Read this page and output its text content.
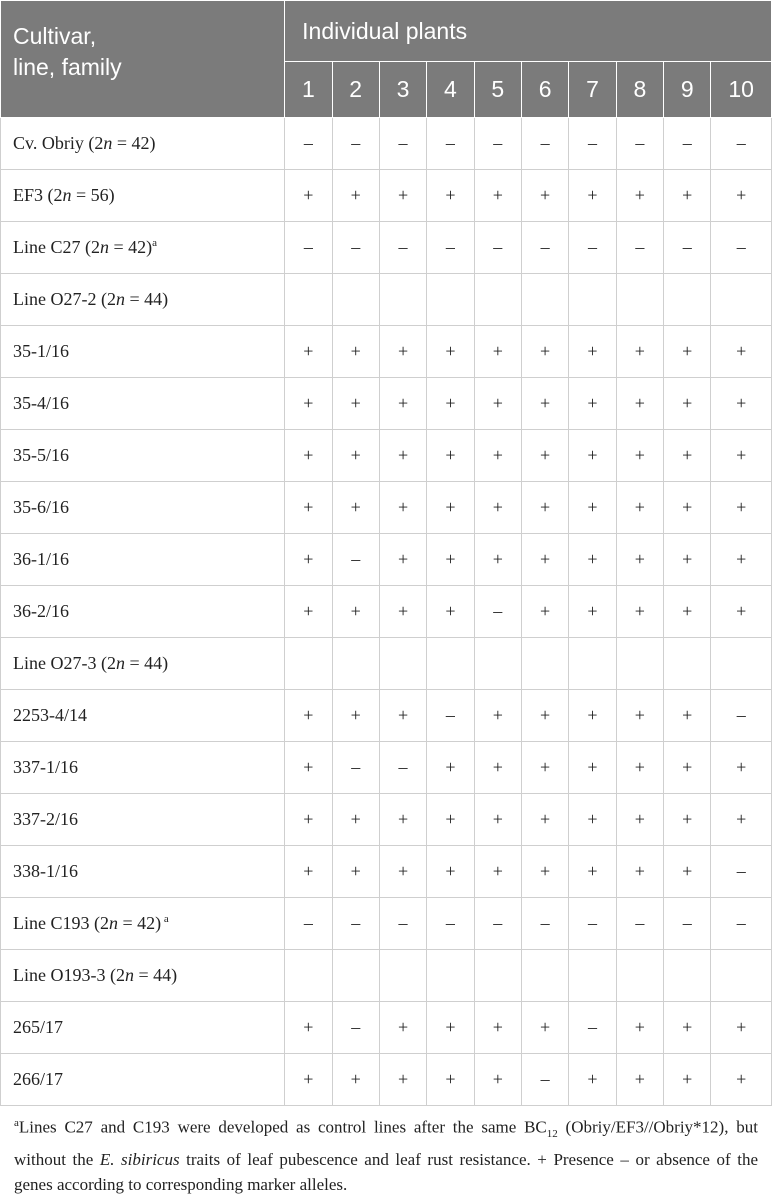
Cultivar,
line, family	Individual plants									
	1	2	3	4	5	6	7	8	9	10
Cv. Obriy (2n = 42)	–	–	–	–	–	–	–	–	–	–
EF3 (2n = 56)	+	+	+	+	+	+	+	+	+	+
Line C27 (2n = 42)$^a$	–	–	–	–	–	–	–	–	–	–
Line O27-2 (2n = 44)										
35-1/16	+	+	+	+	+	+	+	+	+	+
35-4/16	+	+	+	+	+	+	+	+	+	+
35-5/16	+	+	+	+	+	+	+	+	+	+
35-6/16	+	+	+	+	+	+	+	+	+	+
36-1/16	+	–	+	+	+	+	+	+	+	+
36-2/16	+	+	+	+	–	+	+	+	+	+
Line O27-3 (2n = 44)										
2253-4/14	+	+	+	–	+	+	+	+	+	–
337-1/16	+	–	–	+	+	+	+	+	+	+
337-2/16	+	+	+	+	+	+	+	+	+	+
338-1/16	+	+	+	+	+	+	+	+	+	–
Line C193 (2n = 42) $^a$	–	–	–	–	–	–	–	–	–	–
Line O193-3 (2n = 44)										
265/17	+	–	+	+	+	+	–	+	+	+
266/17	+	+	+	+	+	–	+	+	+	+
$^a$Lines C27 and C193 were developed as control lines after the same $BC_{12}$ (Obriy/EF3//Obriy*12), but without the E. sibiricus traits of leaf pubescence and leaf rust resistance. + Presence – or absence of the genes according to corresponding marker alleles.
